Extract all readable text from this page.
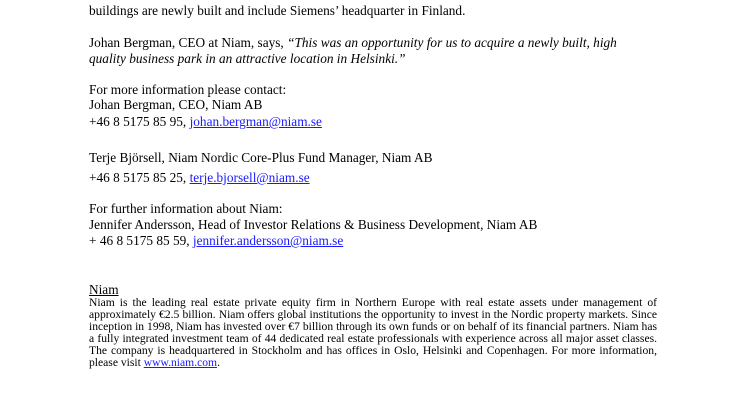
buildings are newly built and include Siemens’ headquarter in Finland.
Johan Bergman, CEO at Niam, says, “This was an opportunity for us to acquire a newly built, high
quality business park in an attractive location in Helsinki.”
For more information please contact:
Johan Bergman, CEO, Niam AB
+46 8 5175 85 95, johan.bergman@niam.se
Terje Björsell, Niam Nordic Core-Plus Fund Manager, Niam AB
+46 8 5175 85 25, terje.bjorsell@niam.se
For further information about Niam:
Jennifer Andersson, Head of Investor Relations & Business Development, Niam AB
+ 46 8 5175 85 59, jennifer.andersson@niam.se
Niam
Niam is the leading real estate private equity firm in Northern Europe with real estate assets under management of approximately €2.5 billion. Niam offers global institutions the opportunity to invest in the Nordic property markets. Since inception in 1998, Niam has invested over €7 billion through its own funds or on behalf of its financial partners. Niam has a fully integrated investment team of 44 dedicated real estate professionals with experience across all major asset classes. The company is headquartered in Stockholm and has offices in Oslo, Helsinki and Copenhagen. For more information, please visit www.niam.com.
